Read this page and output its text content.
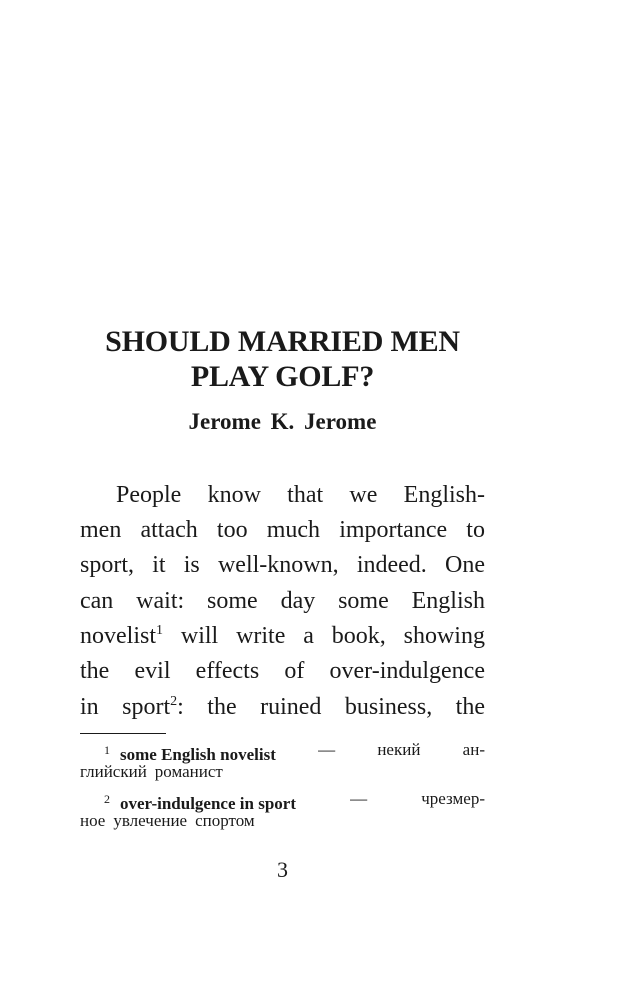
SHOULD MARRIED MEN
PLAY GOLF?
Jerome K. Jerome
People know that we English-
men attach too much importance to
sport, it is well-known, indeed. One
can wait: some day some English
novelist$^1$ will write a book, showing
the evil effects of over-indulgence
in sport$^2$: the ruined business, the
$^1$ some English novelist — некий ан-
глийский романист
$^2$ over-indulgence in sport	—	чрезмер-
ное увлечение спортом
3
